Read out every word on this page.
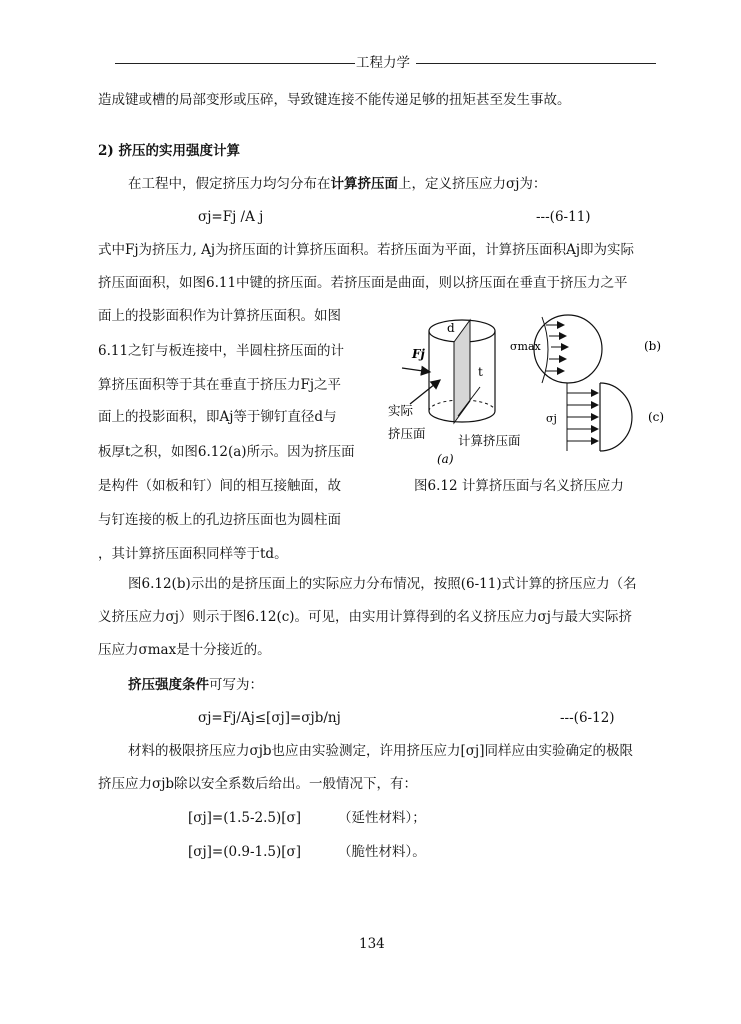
工程力学
造成键或槽的局部变形或压碎，导致键连接不能传递足够的扭矩甚至发生事故。
2) 挤压的实用强度计算
在工程中，假定挤压力均匀分布在计算挤压面上，定义挤压应力σj为：
σj=Fj /A j	---(6-11)
式中Fj为挤压力, Aj为挤压面的计算挤压面积。若挤压面为平面，计算挤压面积Aj即为实际
挤压面面积，如图6.11中键的挤压面。若挤压面是曲面，则以挤压面在垂直于挤压力之平
面上的投影面积作为计算挤压面积。如图
6.11之钉与板连接中，半圆柱挤压面的计
算挤压面积等于其在垂直于挤压力Fj之平
面上的投影面积，即Aj等于铆钉直径d与
板厚t之积，如图6.12(a)所示。因为挤压面
是构件（如板和钉）间的相互接触面，故
与钉连接的板上的孔边挤压面也为圆柱面
，其计算挤压面积同样等于td。
d
t
Fj
实际
挤压面	计算挤压面
(a)
σmax	(b)
σj	(c)
图6.12 计算挤压面与名义挤压应力
图6.12(b)示出的是挤压面上的实际应力分布情况，按照(6-11)式计算的挤压应力（名
义挤压应力σj）则示于图6.12(c)。可见，由实用计算得到的名义挤压应力σj与最大实际挤
压应力σmax是十分接近的。
挤压强度条件可写为：
σj=Fj/Aj≤[σj]=σjb/nj	---(6-12)
材料的极限挤压应力σjb也应由实验测定，许用挤压应力[σj]同样应由实验确定的极限
挤压应力σjb除以安全系数后给出。一般情况下，有：
[σj]=(1.5-2.5)[σ]	（延性材料）；
[σj]=(0.9-1.5)[σ]	（脆性材料）。
134
